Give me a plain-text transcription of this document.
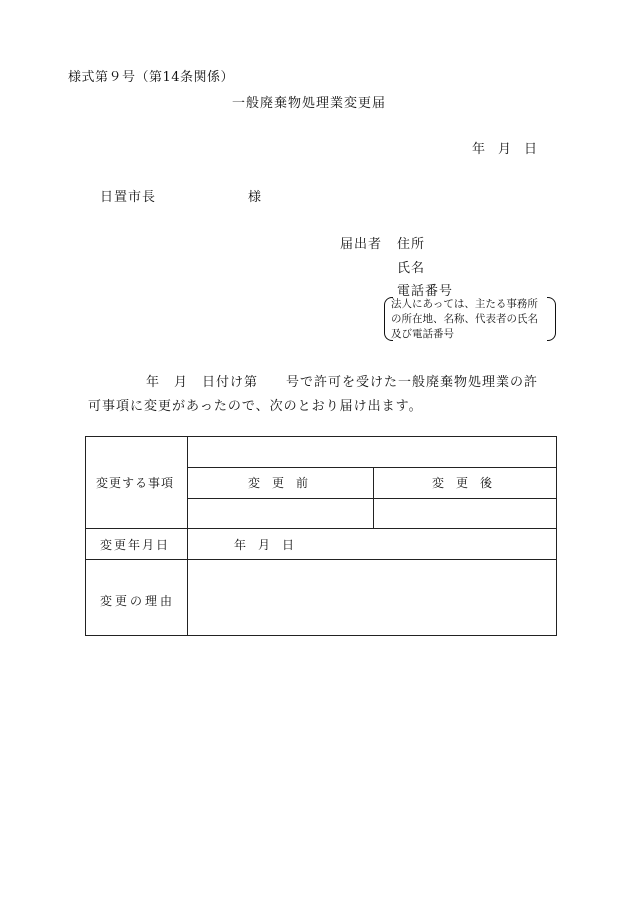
様式第９号（第14条関係）
一般廃棄物処理業変更届
年　月　日
日置市長	様
届出者 住所
氏名
電話番号
法人にあっては、主たる事務所
の所在地、名称、代表者の氏名
及び電話番号
年　月　日付け第　　号で許可を受けた一般廃棄物処理業の許
可事項に変更があったので、次のとおり届け出ます。
変更する事項	変　更　前	変　更　後
変更年月日	年　月　日
変更の理由
